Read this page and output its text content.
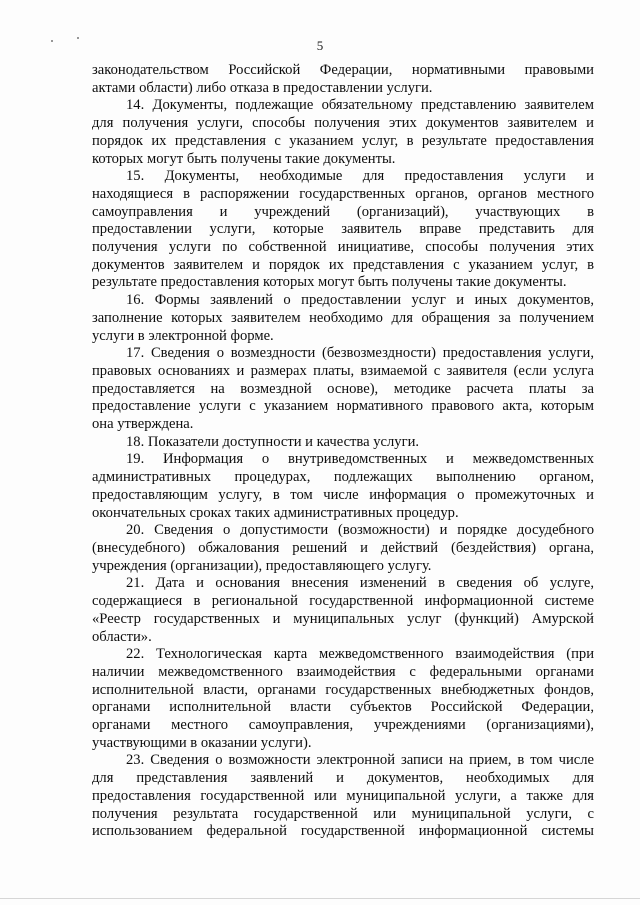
5
законодательством Российской Федерации, нормативными правовыми
актами области) либо отказа в предоставлении услуги.
14. Документы, подлежащие обязательному представлению заявителем
для получения услуги, способы получения этих документов заявителем и
порядок их представления с указанием услуг, в результате предоставления
которых могут быть получены такие документы.
15. Документы, необходимые для предоставления услуги и
находящиеся в распоряжении государственных органов, органов местного
самоуправления и учреждений (организаций), участвующих в
предоставлении услуги, которые заявитель вправе представить для
получения услуги по собственной инициативе, способы получения этих
документов заявителем и порядок их представления с указанием услуг, в
результате предоставления которых могут быть получены такие документы.
16. Формы заявлений о предоставлении услуг и иных документов,
заполнение которых заявителем необходимо для обращения за получением
услуги в электронной форме.
17. Сведения о возмездности (безвозмездности) предоставления услуги,
правовых основаниях и размерах платы, взимаемой с заявителя (если услуга
предоставляется на возмездной основе), методике расчета платы за
предоставление услуги с указанием нормативного правового акта, которым
она утверждена.
18. Показатели доступности и качества услуги.
19. Информация о внутриведомственных и межведомственных
административных процедурах, подлежащих выполнению органом,
предоставляющим услугу, в том числе информация о промежуточных и
окончательных сроках таких административных процедур.
20. Сведения о допустимости (возможности) и порядке досудебного
(внесудебного) обжалования решений и действий (бездействия) органа,
учреждения (организации), предоставляющего услугу.
21. Дата и основания внесения изменений в сведения об услуге,
содержащиеся в региональной государственной информационной системе
«Реестр государственных и муниципальных услуг (функций) Амурской
области».
22. Технологическая карта межведомственного взаимодействия (при
наличии межведомственного взаимодействия с федеральными органами
исполнительной власти, органами государственных внебюджетных фондов,
органами исполнительной власти субъектов Российской Федерации,
органами местного самоуправления, учреждениями (организациями),
участвующими в оказании услуги).
23. Сведения о возможности электронной записи на прием, в том числе
для представления заявлений и документов, необходимых для
предоставления государственной или муниципальной услуги, а также для
получения результата государственной или муниципальной услуги, с
использованием федеральной государственной информационной системы
